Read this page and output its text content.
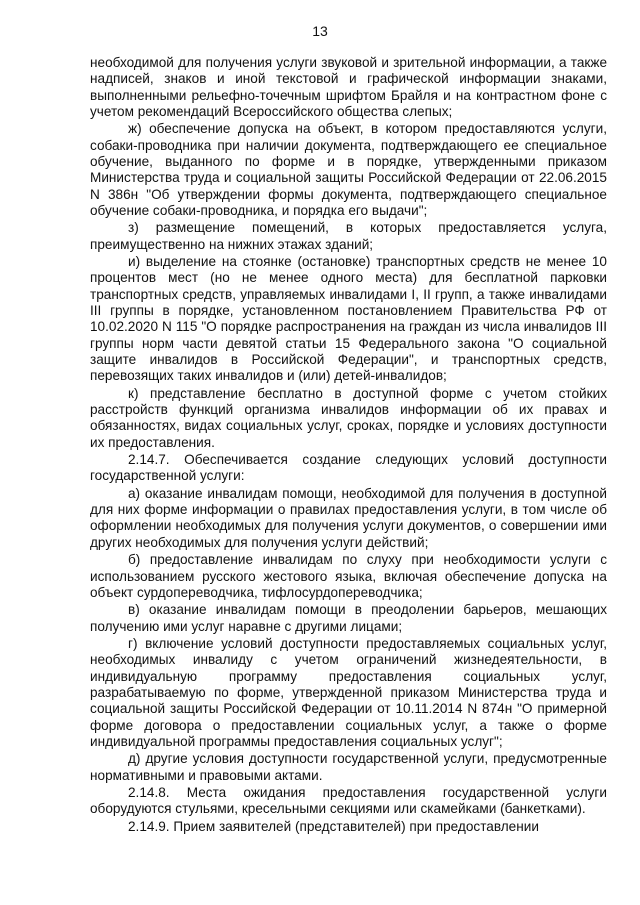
13

необходимой для получения услуги звуковой и зрительной информации, а также надписей, знаков и иной текстовой и графической информации знаками, выполненными рельефно-точечным шрифтом Брайля и на контрастном фоне с учетом рекомендаций Всероссийского общества слепых;

ж) обеспечение допуска на объект, в котором предоставляются услуги, собаки-проводника при наличии документа, подтверждающего ее специальное обучение, выданного по форме и в порядке, утвержденными приказом Министерства труда и социальной защиты Российской Федерации от 22.06.2015 N 386н "Об утверждении формы документа, подтверждающего специальное обучение собаки-проводника, и порядка его выдачи";

з) размещение помещений, в которых предоставляется услуга, преимущественно на нижних этажах зданий;

и) выделение на стоянке (остановке) транспортных средств не менее 10 процентов мест (но не менее одного места) для бесплатной парковки транспортных средств, управляемых инвалидами I, II групп, а также инвалидами III группы в порядке, установленном постановлением Правительства РФ от 10.02.2020 N 115 "О порядке распространения на граждан из числа инвалидов III группы норм части девятой статьи 15 Федерального закона "О социальной защите инвалидов в Российской Федерации", и транспортных средств, перевозящих таких инвалидов и (или) детей-инвалидов;

к) представление бесплатно в доступной форме с учетом стойких расстройств функций организма инвалидов информации об их правах и обязанностях, видах социальных услуг, сроках, порядке и условиях доступности их предоставления.

2.14.7. Обеспечивается создание следующих условий доступности государственной услуги:

а) оказание инвалидам помощи, необходимой для получения в доступной для них форме информации о правилах предоставления услуги, в том числе об оформлении необходимых для получения услуги документов, о совершении ими других необходимых для получения услуги действий;

б) предоставление инвалидам по слуху при необходимости услуги с использованием русского жестового языка, включая обеспечение допуска на объект сурдопереводчика, тифлосурдопереводчика;

в) оказание инвалидам помощи в преодолении барьеров, мешающих получению ими услуг наравне с другими лицами;

г) включение условий доступности предоставляемых социальных услуг, необходимых инвалиду с учетом ограничений жизнедеятельности, в индивидуальную программу предоставления социальных услуг, разрабатываемую по форме, утвержденной приказом Министерства труда и социальной защиты Российской Федерации от 10.11.2014 N 874н "О примерной форме договора о предоставлении социальных услуг, а также о форме индивидуальной программы предоставления социальных услуг";

д) другие условия доступности государственной услуги, предусмотренные нормативными и правовыми актами.

2.14.8. Места ожидания предоставления государственной услуги оборудуются стульями, кресельными секциями или скамейками (банкетками).

2.14.9. Прием заявителей (представителей) при предоставлении
